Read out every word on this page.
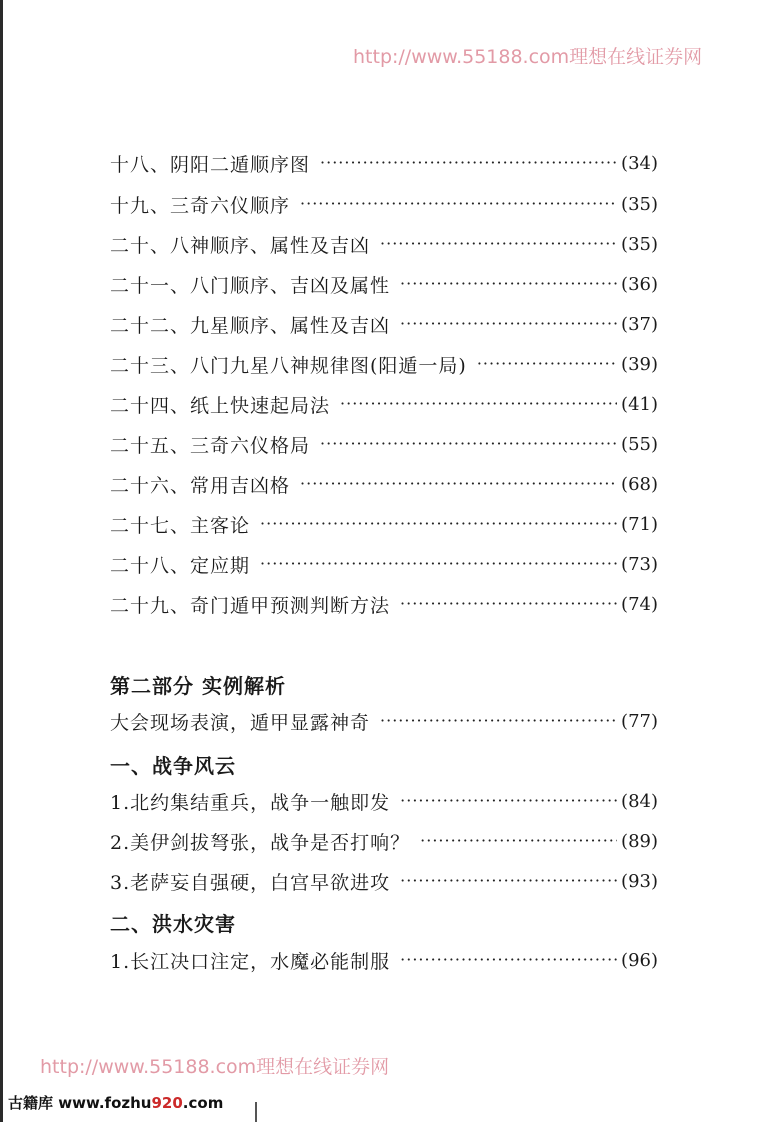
http://www.55188.com理想在线证券网
十八、阴阳二遁顺序图 ·····	(34)
十九、三奇六仪顺序 ·····	(35)
二十、八神顺序、属性及吉凶 ·····	(35)
二十一、八门顺序、吉凶及属性 ·····	(36)
二十二、九星顺序、属性及吉凶 ·····	(37)
二十三、八门九星八神规律图(阳遁一局) ·····	(39)
二十四、纸上快速起局法 ·····	(41)
二十五、三奇六仪格局 ·····	(55)
二十六、常用吉凶格 ·····	(68)
二十七、主客论 ·····	(71)
二十八、定应期 ·····	(73)
二十九、奇门遁甲预测判断方法 ·····	(74)
第二部分 实例解析
大会现场表演，遁甲显露神奇 ·····	(77)
一、战争风云
1.北约集结重兵，战争一触即发 ·····	(84)
2.美伊剑拔弩张，战争是否打响？ ·····	(89)
3.老萨妄自强硬，白宫早欲进攻 ·····	(93)
二、洪水灾害
1.长江决口注定，水魔必能制服 ·····	(96)
http://www.55188.com理想在线证券网
古籍库 www.fozhu920.com
